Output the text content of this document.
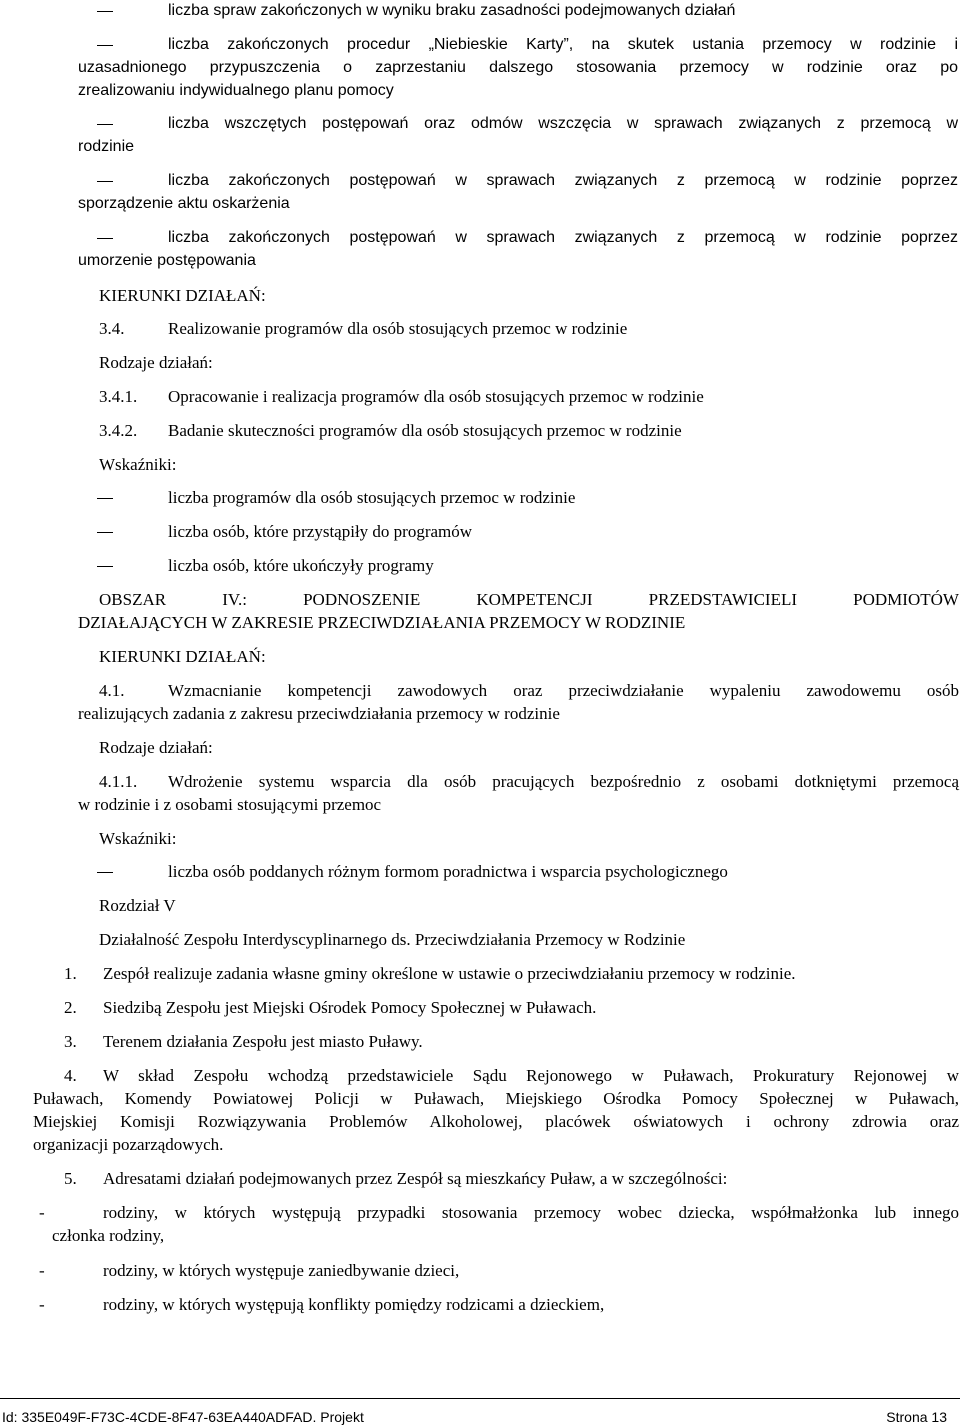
liczba spraw zakończonych w wyniku braku zasadności podejmowanych działań
liczba zakończonych procedur „Niebieskie Karty”, na skutek ustania przemocy w rodzinie i
uzasadnionego przypuszczenia o zaprzestaniu dalszego stosowania przemocy w rodzinie oraz po
zrealizowaniu indywidualnego planu pomocy
liczba wszczętych postępowań oraz odmów wszczęcia w sprawach związanych z przemocą w
rodzinie
liczba zakończonych postępowań w sprawach związanych z przemocą w rodzinie poprzez
sporządzenie aktu oskarżenia
liczba zakończonych postępowań w sprawach związanych z przemocą w rodzinie poprzez
umorzenie postępowania
KIERUNKI DZIAŁAŃ:
3.4.	Realizowanie programów dla osób stosujących przemoc w rodzinie
Rodzaje działań:
3.4.1. Opracowanie i realizacja programów dla osób stosujących przemoc w rodzinie
3.4.2. Badanie skuteczności programów dla osób stosujących przemoc w rodzinie
Wskaźniki:
liczba programów dla osób stosujących przemoc w rodzinie
liczba osób, które przystąpiły do programów
liczba osób, które ukończyły programy
OBSZAR	IV.:	PODNOSZENIE	KOMPETENCJI	PRZEDSTAWICIELI	PODMIOTÓW
DZIAŁAJĄCYCH W ZAKRESIE PRZECIWDZIAŁANIA PRZEMOCY W RODZINIE
KIERUNKI DZIAŁAŃ:
4.1.	Wzmacnianie kompetencji zawodowych oraz przeciwdziałanie wypaleniu zawodowemu osób
realizujących zadania z zakresu przeciwdziałania przemocy w rodzinie
Rodzaje działań:
4.1.1. Wdrożenie systemu wsparcia dla osób pracujących bezpośrednio z osobami dotkniętymi przemocą
w rodzinie i z osobami stosującymi przemoc
Wskaźniki:
liczba osób poddanych różnym formom poradnictwa i wsparcia psychologicznego
Rozdział V
Działalność Zespołu Interdyscyplinarnego ds. Przeciwdziałania Przemocy w Rodzinie
1. Zespół realizuje zadania własne gminy określone w ustawie o przeciwdziałaniu przemocy w rodzinie.
2. Siedzibą Zespołu jest Miejski Ośrodek Pomocy Społecznej w Puławach.
3. Terenem działania Zespołu jest miasto Puławy.
4. W skład Zespołu wchodzą przedstawiciele Sądu Rejonowego w Puławach, Prokuratury Rejonowej w
Puławach, Komendy Powiatowej Policji w Puławach, Miejskiego Ośrodka Pomocy Społecznej w Puławach,
Miejskiej Komisji Rozwiązywania Problemów Alkoholowej, placówek oświatowych i ochrony zdrowia oraz
organizacji pozarządowych.
5. Adresatami działań podejmowanych przez Zespół są mieszkańcy Puław, a w szczególności:
-	rodziny, w których występują przypadki stosowania przemocy wobec dziecka, współmałżonka lub innego
członka rodziny,
-	rodziny, w których występuje zaniedbywanie dzieci,
-	rodziny, w których występują konflikty pomiędzy rodzicami a dzieckiem,
Id: 335E049F-F73C-4CDE-8F47-63EA440ADFAD. Projekt	Strona 13
